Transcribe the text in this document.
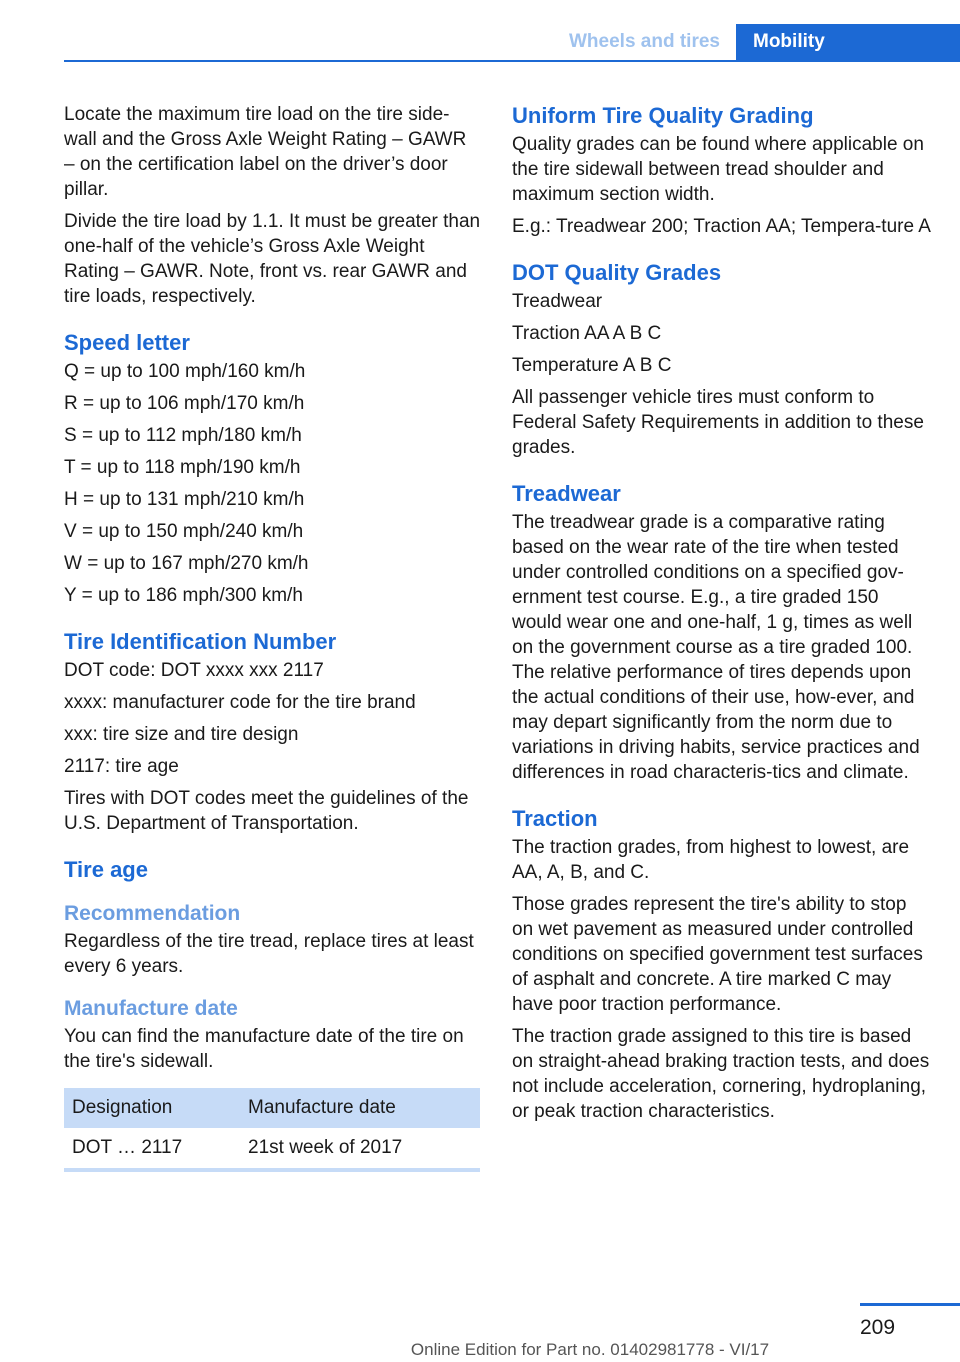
Wheels and tires	Mobility

Locate the maximum tire load on the tire side-wall and the Gross Axle Weight Rating – GAWR – on the certification label on the driver’s door pillar.

Divide the tire load by 1.1. It must be greater than one-half of the vehicle’s Gross Axle Weight Rating – GAWR. Note, front vs. rear GAWR and tire loads, respectively.

Speed letter

Q = up to 100 mph/160 km/h

R = up to 106 mph/170 km/h

S = up to 112 mph/180 km/h

T = up to 118 mph/190 km/h

H = up to 131 mph/210 km/h

V = up to 150 mph/240 km/h

W = up to 167 mph/270 km/h

Y = up to 186 mph/300 km/h

Tire Identification Number

DOT code: DOT xxxx xxx 2117

xxxx: manufacturer code for the tire brand

xxx: tire size and tire design

2117: tire age

Tires with DOT codes meet the guidelines of the U.S. Department of Transportation.

Tire age
Recommendation

Regardless of the tire tread, replace tires at least every 6 years.

Manufacture date

You can find the manufacture date of the tire on the tire's sidewall.

Designation	Manufacture date
DOT … 2117	21st week of 2017
Uniform Tire Quality Grading

Quality grades can be found where applicable on the tire sidewall between tread shoulder and maximum section width.

E.g.: Treadwear 200; Traction AA; Tempera-ture A

DOT Quality Grades

Treadwear

Traction AA A B C

Temperature A B C

All passenger vehicle tires must conform to Federal Safety Requirements in addition to these grades.

Treadwear

The treadwear grade is a comparative rating based on the wear rate of the tire when tested under controlled conditions on a specified gov-ernment test course. E.g., a tire graded 150 would wear one and one-half, 1 g, times as well on the government course as a tire graded 100. The relative performance of tires depends upon the actual conditions of their use, how-ever, and may depart significantly from the norm due to variations in driving habits, service practices and differences in road characteris-tics and climate.

Traction

The traction grades, from highest to lowest, are AA, A, B, and C.

Those grades represent the tire's ability to stop on wet pavement as measured under controlled conditions on specified government test surfaces of asphalt and concrete. A tire marked C may have poor traction performance.

The traction grade assigned to this tire is based on straight-ahead braking traction tests, and does not include acceleration, cornering, hydroplaning, or peak traction characteristics.

209
Online Edition for Part no. 01402981778 - VI/17
